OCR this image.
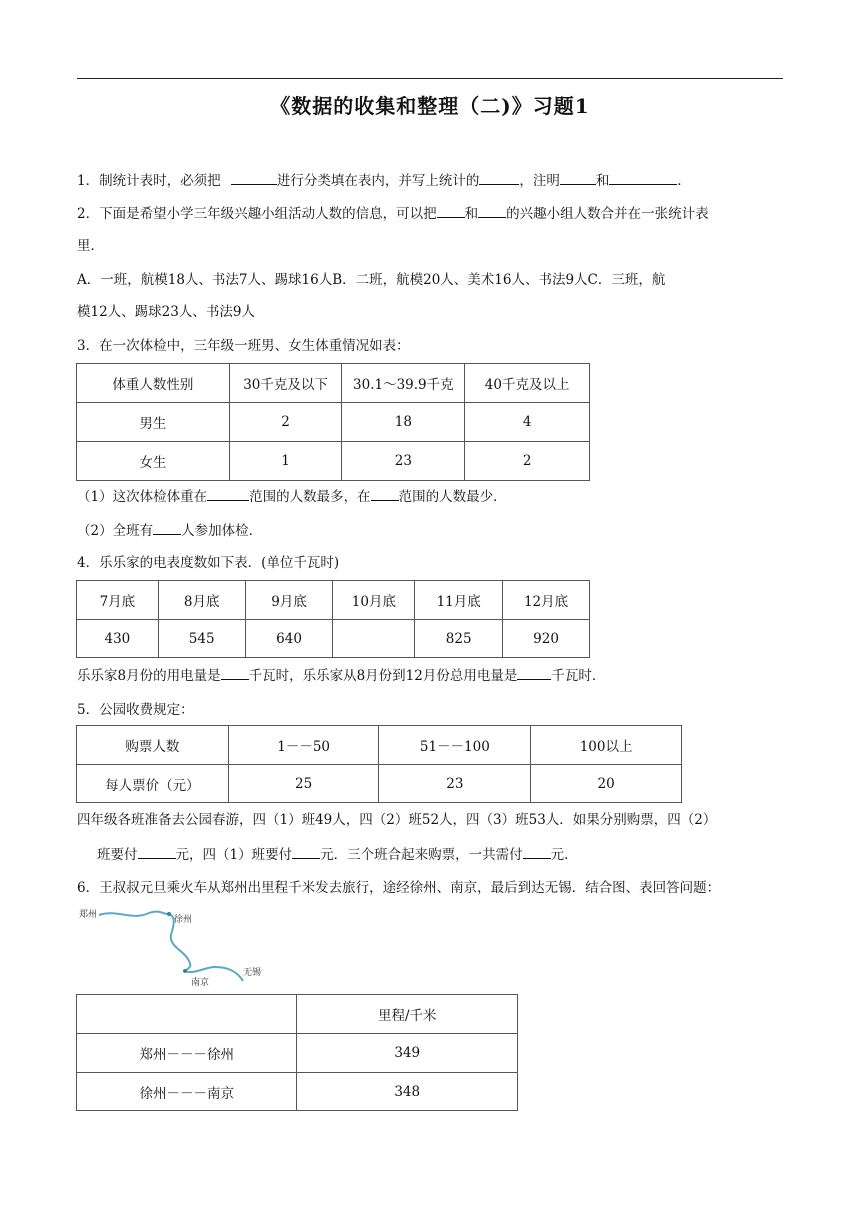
《数据的收集和整理（二)》习题1
1．制统计表时，必须把	进行分类填在表内，并写上统计的	，注明	和	．
2．下面是希望小学三年级兴趣小组活动人数的信息，可以把 和 的兴趣小组人数合并在一张统计表
里．
A．一班，航模18人、书法7人、踢球16人B．二班，航模20人、美术16人、书法9人C．三班，航
模12人、踢球23人、书法9人
3．在一次体检中，三年级一班男、女生体重情况如表：
体重人数性别	30千克及以下	30.1～39.9千克	40千克及以上
男生	2	18	4
女生	1	23	2
（1）这次体检体重在	范围的人数最多，在 范围的人数最少．
（2）全班有 人参加体检．
4．乐乐家的电表度数如下表．(单位千瓦时)
7月底	8月底	9月底	10月底	11月底	12月底
430	545	640		825	920
乐乐家8月份的用电量是 千瓦时，乐乐家从8月份到12月份总用电量是	千瓦时．
5．公园收费规定：
购票人数	1－－50	51－－100	100以上
每人票价（元）	25	23	20
四年级各班准备去公园春游，四（1）班49人，四（2）班52人，四（3）班53人．如果分别购票，四（2）
班要付	元，四（1）班要付 元．三个班合起来购票，一共需付 元．
6．王叔叔元旦乘火车从郑州出里程千米发去旅行，途经徐州、南京，最后到达无锡．结合图、表回答问题：
郑州	徐州
南京
无锡
	里程/千米
郑州－－－徐州	349
徐州－－－南京	348
